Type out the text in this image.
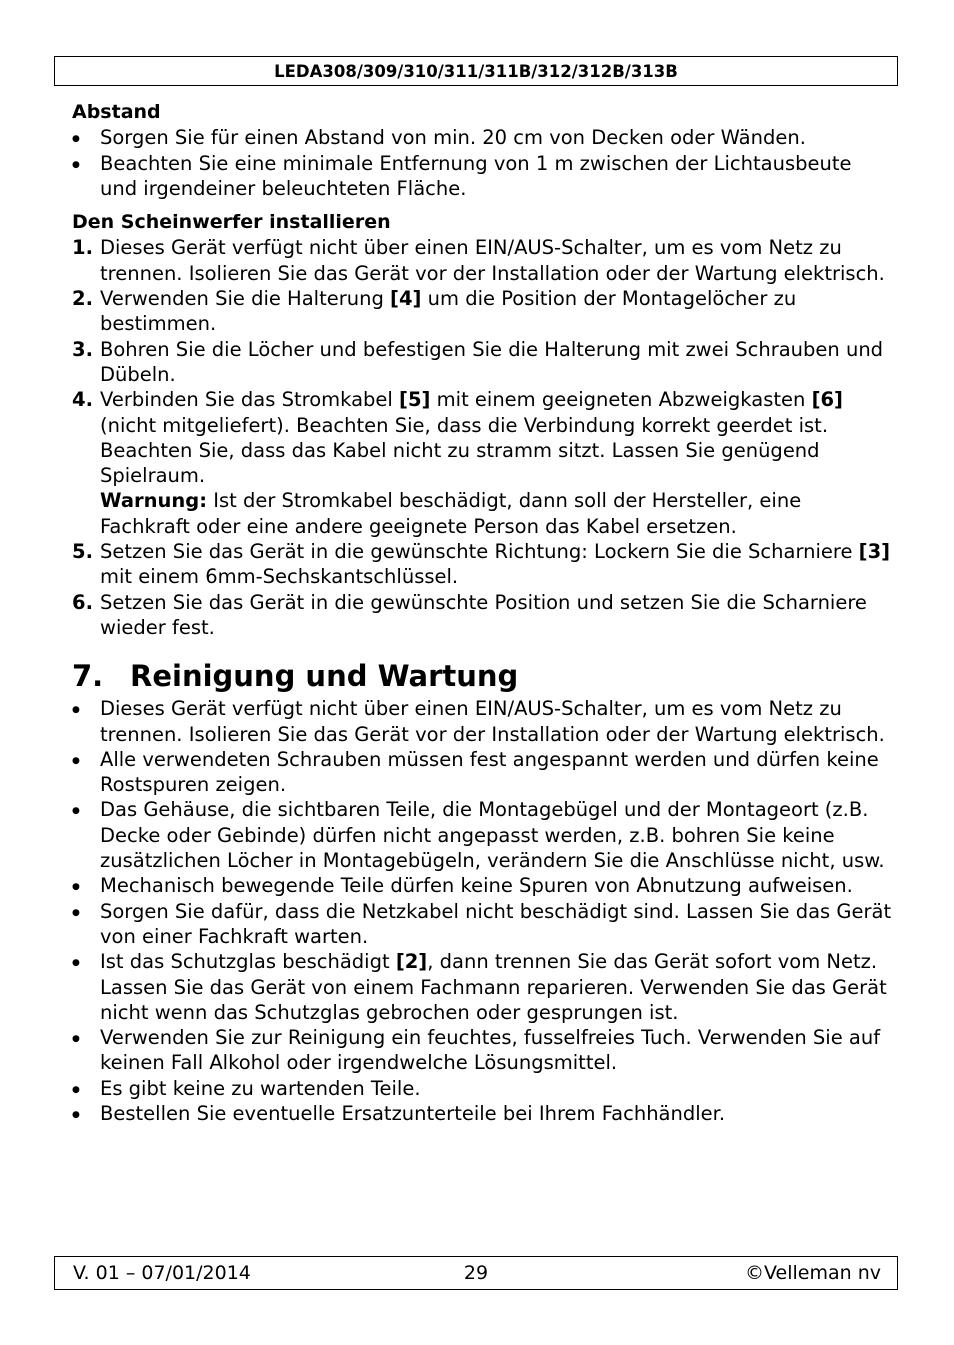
LEDA308/309/310/311/311B/312/312B/313B

Abstand

● Sorgen Sie für einen Abstand von min. 20 cm von Decken oder Wänden.
● Beachten Sie eine minimale Entfernung von 1 m zwischen der Lichtausbeute und irgendeiner beleuchteten Fläche.

Den Scheinwerfer installieren

1. Dieses Gerät verfügt nicht über einen EIN/AUS-Schalter, um es vom Netz zu trennen. Isolieren Sie das Gerät vor der Installation oder der Wartung elektrisch.
2. Verwenden Sie die Halterung [4] um die Position der Montagelöcher zu bestimmen.
3. Bohren Sie die Löcher und befestigen Sie die Halterung mit zwei Schrauben und Dübeln.
4. Verbinden Sie das Stromkabel [5] mit einem geeigneten Abzweigkasten [6] (nicht mitgeliefert). Beachten Sie, dass die Verbindung korrekt geerdet ist. Beachten Sie, dass das Kabel nicht zu stramm sitzt. Lassen Sie genügend Spielraum.
Warnung: Ist der Stromkabel beschädigt, dann soll der Hersteller, eine Fachkraft oder eine andere geeignete Person das Kabel ersetzen.
5. Setzen Sie das Gerät in die gewünschte Richtung: Lockern Sie die Scharniere [3] mit einem 6mm-Sechskantschlüssel.
6. Setzen Sie das Gerät in die gewünschte Position und setzen Sie die Scharniere wieder fest.
7. Reinigung und Wartung
● Dieses Gerät verfügt nicht über einen EIN/AUS-Schalter, um es vom Netz zu trennen. Isolieren Sie das Gerät vor der Installation oder der Wartung elektrisch.
● Alle verwendeten Schrauben müssen fest angespannt werden und dürfen keine Rostspuren zeigen.
● Das Gehäuse, die sichtbaren Teile, die Montagebügel und der Montageort (z.B. Decke oder Gebinde) dürfen nicht angepasst werden, z.B. bohren Sie keine zusätzlichen Löcher in Montagebügeln, verändern Sie die Anschlüsse nicht, usw.
● Mechanisch bewegende Teile dürfen keine Spuren von Abnutzung aufweisen.
● Sorgen Sie dafür, dass die Netzkabel nicht beschädigt sind. Lassen Sie das Gerät von einer Fachkraft warten.
● Ist das Schutzglas beschädigt [2], dann trennen Sie das Gerät sofort vom Netz. Lassen Sie das Gerät von einem Fachmann reparieren. Verwenden Sie das Gerät nicht wenn das Schutzglas gebrochen oder gesprungen ist.
● Verwenden Sie zur Reinigung ein feuchtes, fusselfreies Tuch. Verwenden Sie auf keinen Fall Alkohol oder irgendwelche Lösungsmittel.
● Es gibt keine zu wartenden Teile.
● Bestellen Sie eventuelle Ersatzunterteile bei Ihrem Fachhändler.
V. 01 – 07/01/2014	29	©Velleman nv
